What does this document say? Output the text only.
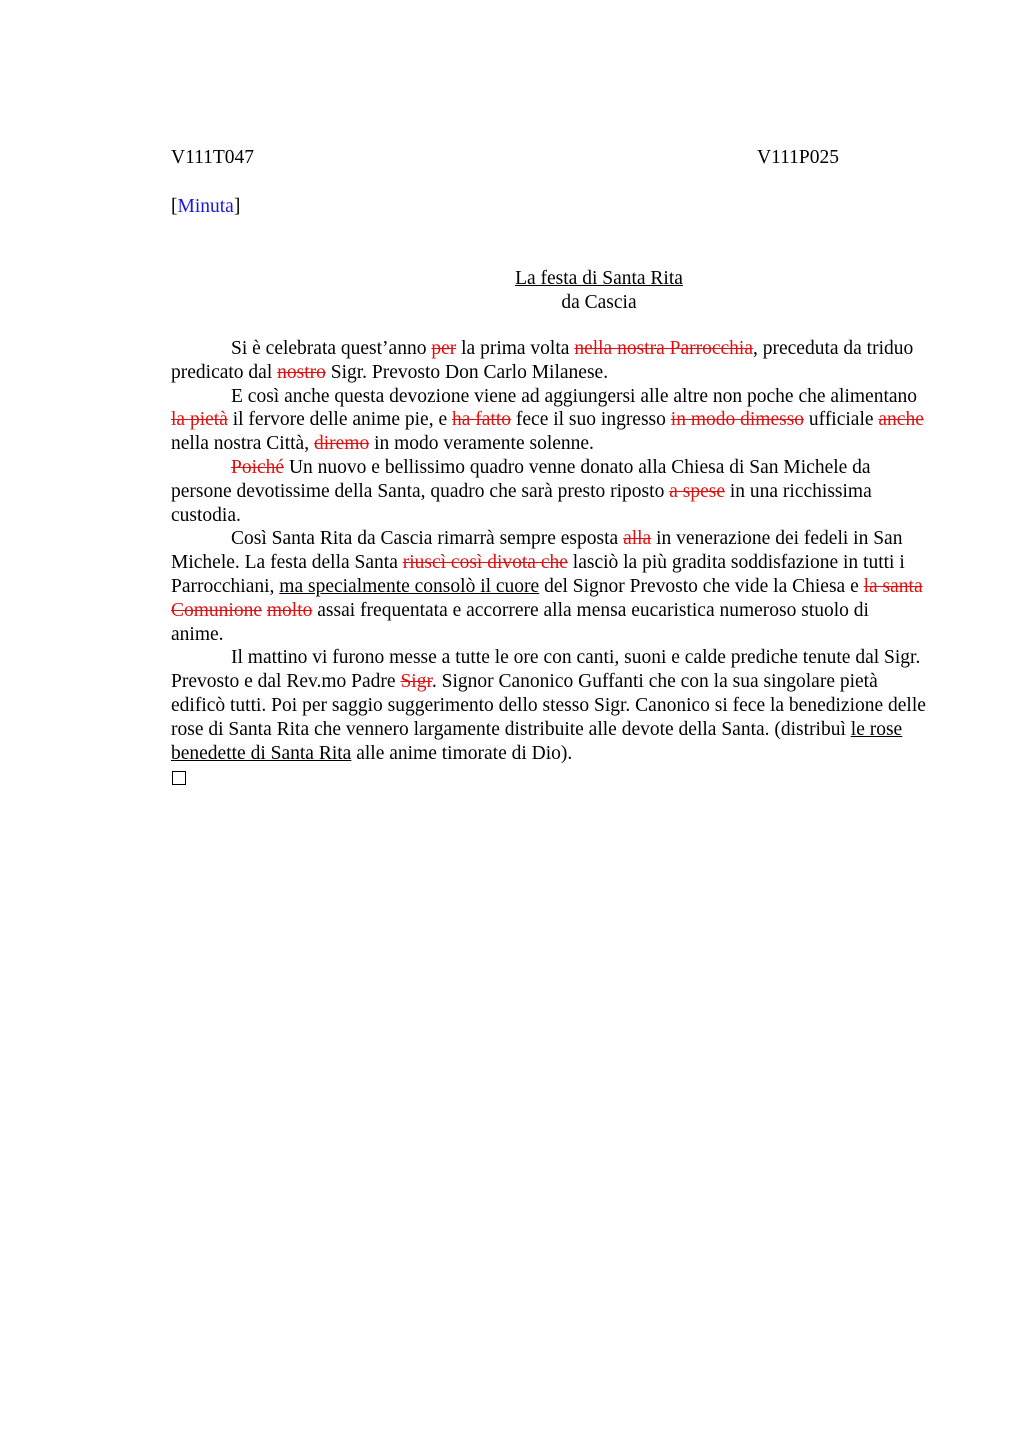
V111T047	V111P025
[Minuta]
La festa di Santa Rita
da Cascia

Si è celebrata quest’anno per la prima volta nella nostra Parrocchia, preceduta da triduo predicato dal nostro Sigr. Prevosto Don Carlo Milanese.

E così anche questa devozione viene ad aggiungersi alle altre non poche che alimentano la pietà il fervore delle anime pie, e ha fatto fece il suo ingresso in modo dimesso ufficiale anche nella nostra Città, diremo in modo veramente solenne.

Poiché Un nuovo e bellissimo quadro venne donato alla Chiesa di San Michele da persone devotissime della Santa, quadro che sarà presto riposto a spese in una ricchissima custodia.

Così Santa Rita da Cascia rimarrà sempre esposta alla in venerazione dei fedeli in San Michele. La festa della Santa riuscì così divota che lasciò la più gradita soddisfazione in tutti i Parrocchiani, ma specialmente consolò il cuore del Signor Prevosto che vide la Chiesa e la santa Comunione molto assai frequentata e accorrere alla mensa eucaristica numeroso stuolo di anime.

Il mattino vi furono messe a tutte le ore con canti, suoni e calde prediche tenute dal Sigr. Prevosto e dal Rev.mo Padre Sigr. Signor Canonico Guffanti che con la sua singolare pietà edificò tutti. Poi per saggio suggerimento dello stesso Sigr. Canonico si fece la benedizione delle rose di Santa Rita che vennero largamente distribuite alle devote della Santa. (distribuì le rose benedette di Santa Rita alle anime timorate di Dio).
